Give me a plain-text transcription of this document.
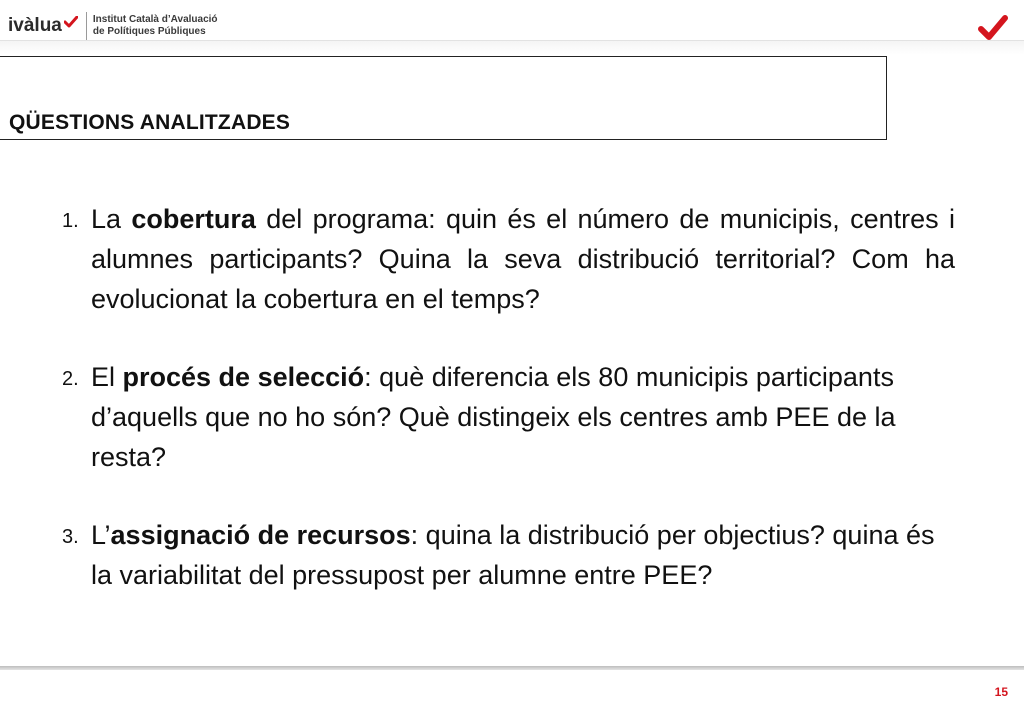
ivàlua	Institut Català d’Avaluació
de Polítiques Públiques
QÜESTIONS ANALITZADES
1. La cobertura del programa: quin és el número de municipis, centres i alumnes participants? Quina la seva distribució territorial? Com ha evolucionat la cobertura en el temps?
2. El procés de selecció: què diferencia els 80 municipis participants d’aquells que no ho són? Què distingeix els centres amb PEE de la resta?
3. L’assignació de recursos: quina la distribució per objectius? quina és la variabilitat del pressupost per alumne entre PEE?
15
